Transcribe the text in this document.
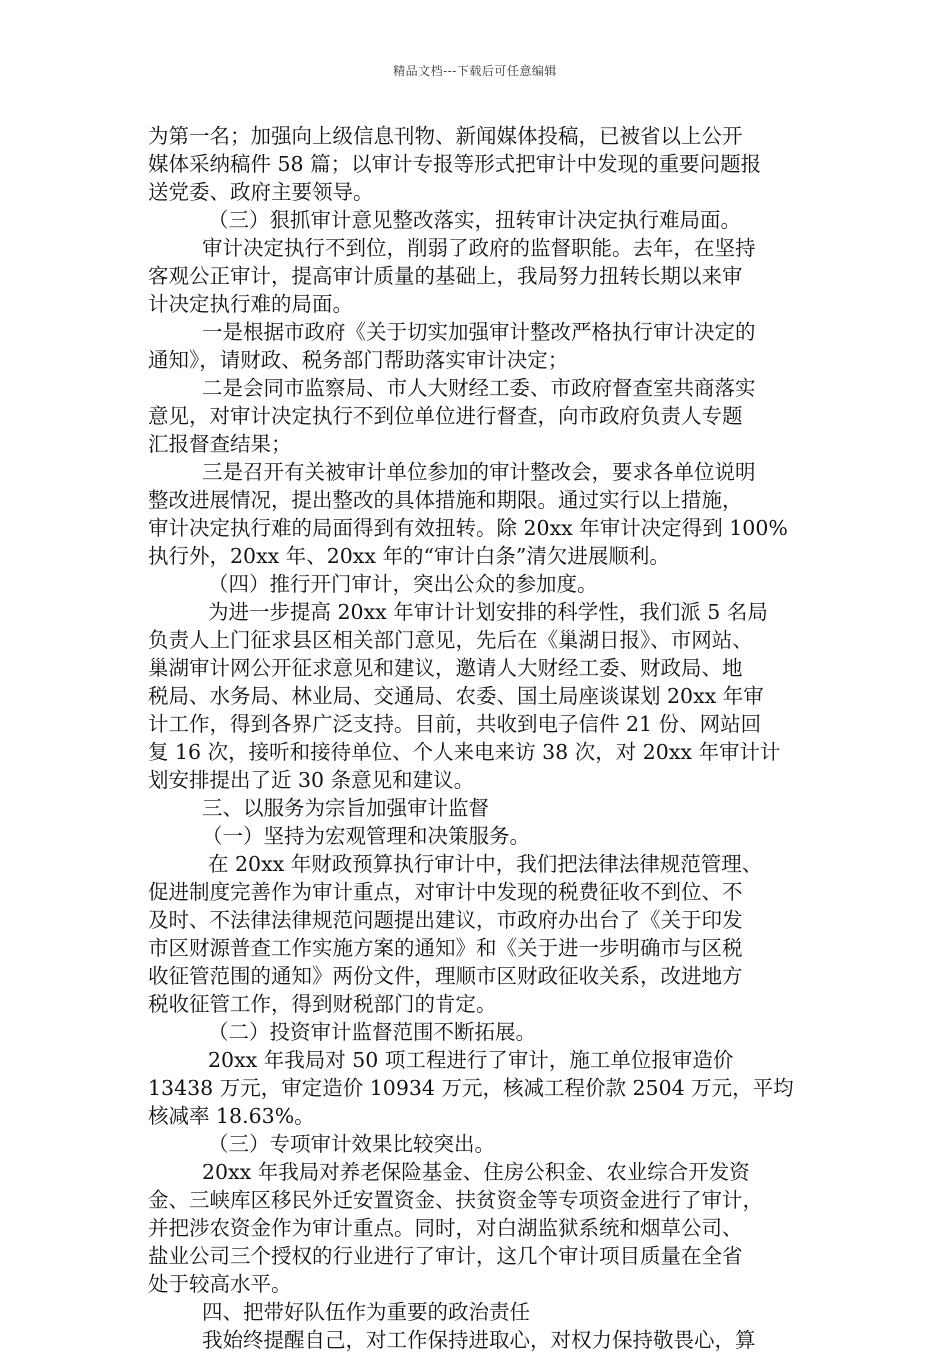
精品文档---下载后可任意编辑
为第一名；加强向上级信息刊物、新闻媒体投稿，已被省以上公开
媒体采纳稿件 58 篇；以审计专报等形式把审计中发现的重要问题报
送党委、政府主要领导。
（三）狠抓审计意见整改落实，扭转审计决定执行难局面。
审计决定执行不到位，削弱了政府的监督职能。去年，在坚持
客观公正审计，提高审计质量的基础上，我局努力扭转长期以来审
计决定执行难的局面。
一是根据市政府《关于切实加强审计整改严格执行审计决定的
通知》，请财政、税务部门帮助落实审计决定；
二是会同市监察局、市人大财经工委、市政府督查室共商落实
意见，对审计决定执行不到位单位进行督查，向市政府负责人专题
汇报督查结果；
三是召开有关被审计单位参加的审计整改会，要求各单位说明
整改进展情况，提出整改的具体措施和期限。通过实行以上措施，
审计决定执行难的局面得到有效扭转。除 20xx 年审计决定得到 100%
执行外，20xx 年、20xx 年的“审计白条”清欠进展顺利。
（四）推行开门审计，突出公众的参加度。
为进一步提高 20xx 年审计计划安排的科学性，我们派 5 名局
负责人上门征求县区相关部门意见，先后在《巢湖日报》、市网站、
巢湖审计网公开征求意见和建议，邀请人大财经工委、财政局、地
税局、水务局、林业局、交通局、农委、国土局座谈谋划 20xx 年审
计工作，得到各界广泛支持。目前，共收到电子信件 21 份、网站回
复 16 次，接听和接待单位、个人来电来访 38 次，对 20xx 年审计计
划安排提出了近 30 条意见和建议。
三、以服务为宗旨加强审计监督
（一）坚持为宏观管理和决策服务。
在 20xx 年财政预算执行审计中，我们把法律法律规范管理、
促进制度完善作为审计重点，对审计中发现的税费征收不到位、不
及时、不法律法律规范问题提出建议，市政府办出台了《关于印发
市区财源普查工作实施方案的通知》和《关于进一步明确市与区税
收征管范围的通知》两份文件，理顺市区财政征收关系，改进地方
税收征管工作，得到财税部门的肯定。
（二）投资审计监督范围不断拓展。
20xx 年我局对 50 项工程进行了审计，施工单位报审造价
13438 万元，审定造价 10934 万元，核减工程价款 2504 万元，平均
核减率 18.63%。
（三）专项审计效果比较突出。
20xx 年我局对养老保险基金、住房公积金、农业综合开发资
金、三峡库区移民外迁安置资金、扶贫资金等专项资金进行了审计，
并把涉农资金作为审计重点。同时，对白湖监狱系统和烟草公司、
盐业公司三个授权的行业进行了审计，这几个审计项目质量在全省
处于较高水平。
四、把带好队伍作为重要的政治责任
我始终提醒自己，对工作保持进取心，对权力保持敬畏心，算
